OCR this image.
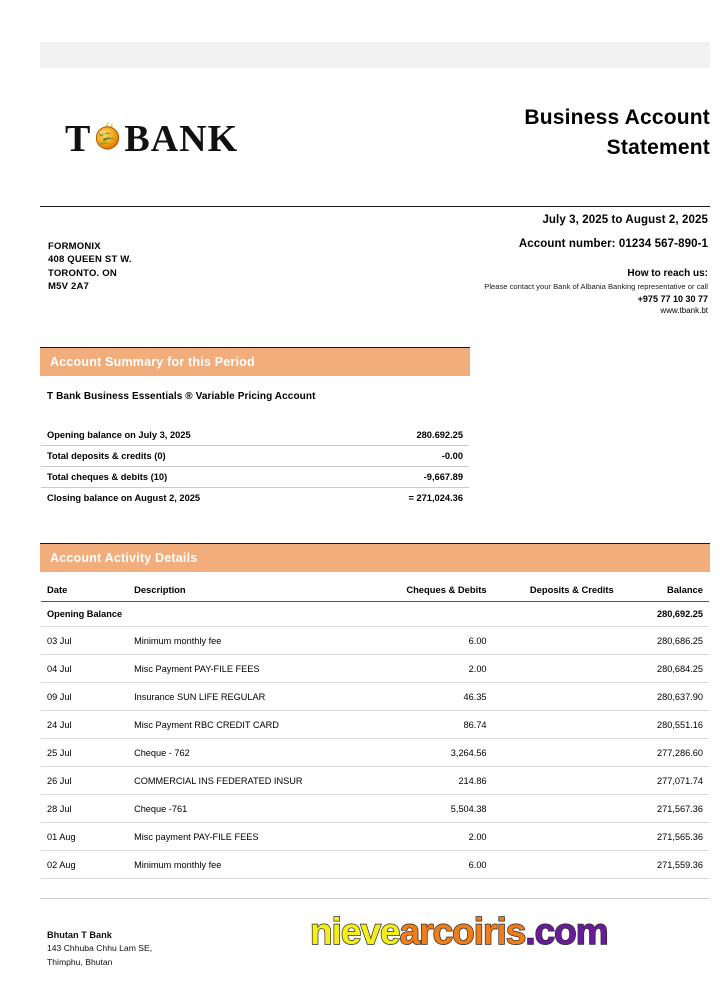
T BANK
Business Account
Statement
FORMONIX
408 QUEEN ST W.
TORONTO. ON
M5V 2A7
July 3, 2025 to August 2, 2025
Account number: 01234 567-890-1
How to reach us:
Please contact your Bank of Albania Banking representative or call
+975 77 10 30 77
www.tbank.bt
Account Summary for this Period
T Bank Business Essentials ® Variable Pricing Account
Opening balance on July 3, 2025	280.692.25
Total deposits & credits (0)	-0.00
Total cheques & debits (10)	-9,667.89
Closing balance on August 2, 2025	= 271,024.36
Account Activity Details
Date	Description	Cheques & Debits	Deposits & Credits	Balance
Opening Balance				280,692.25
03 Jul	Minimum monthly fee	6.00		280,686.25
04 Jul	Misc Payment PAY-FILE FEES	2.00		280,684.25
09 Jul	Insurance SUN LIFE REGULAR	46.35		280,637.90
24 Jul	Misc Payment RBC CREDIT CARD	86.74		280,551.16
25 Jul	Cheque - 762	3,264.56		277,286.60
26 Jul	COMMERCIAL INS FEDERATED INSUR	214.86		277,071.74
28 Jul	Cheque -761	5,504.38		271,567.36
01 Aug	Misc payment PAY-FILE FEES	2.00		271,565.36
02 Aug	Minimum monthly fee	6.00		271,559.36
Bhutan T Bank
143 Chhuba Chhu Lam SE,
Thimphu, Bhutan
nievearcoiris.com
